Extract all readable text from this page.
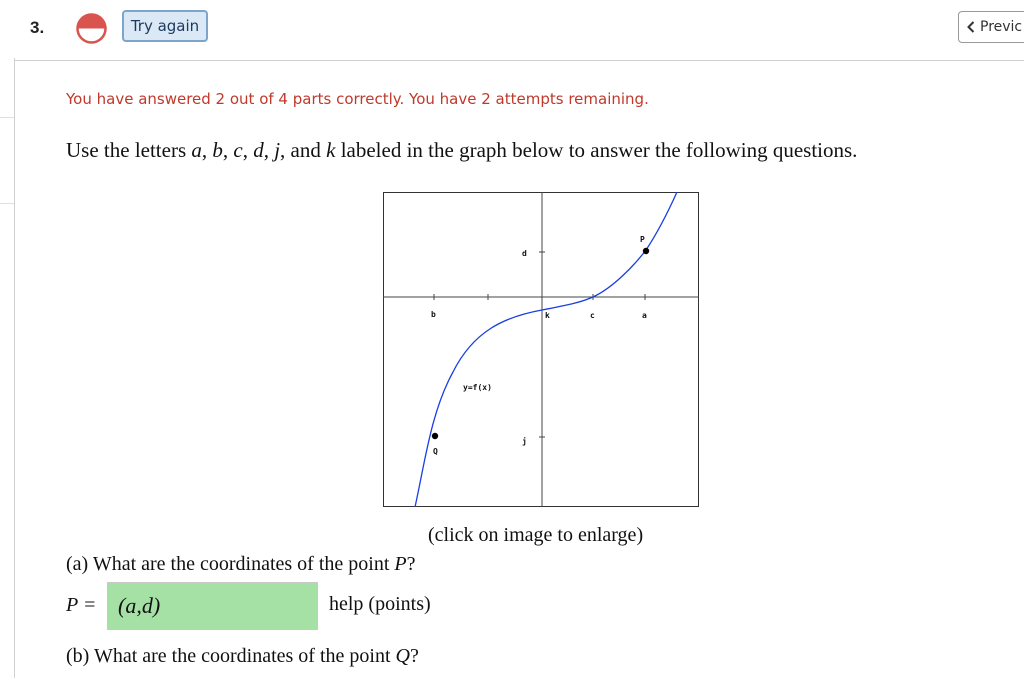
3.	Try again	Previc
You have answered 2 out of 4 parts correctly. You have 2 attempts remaining.
Use the letters a, b, c, d, j, and k labeled in the graph below to answer the following questions.
b	k	c	a
d
j
P
Q
y=f(x)
(click on image to enlarge)
(a) What are the coordinates of the point P?
P = (a,d)	help (points)
(b) What are the coordinates of the point Q?
